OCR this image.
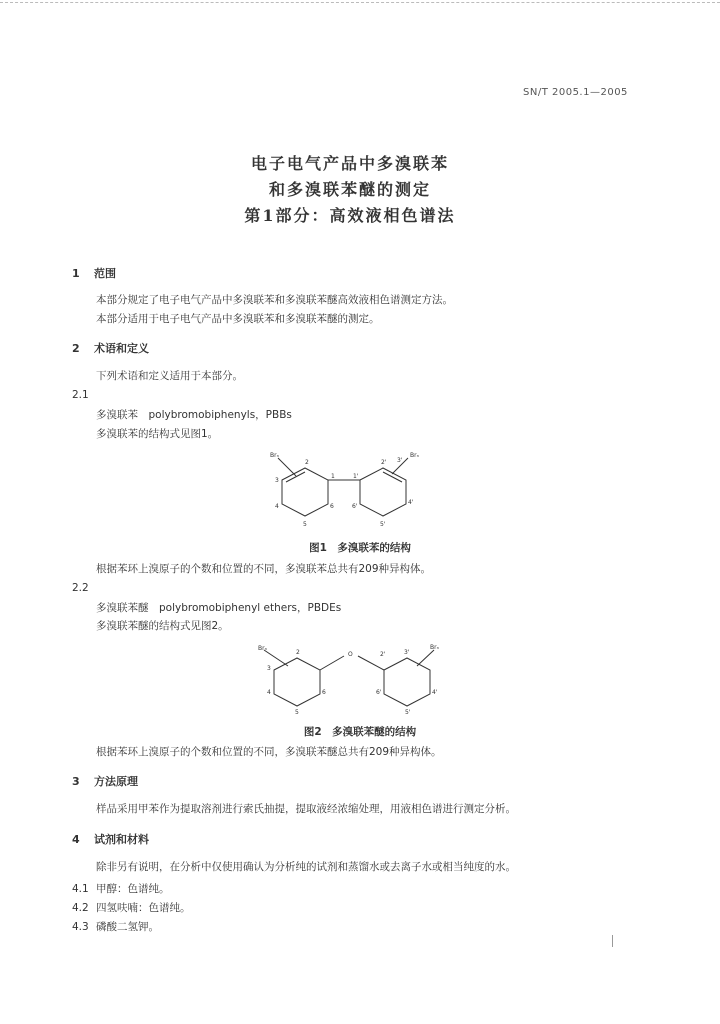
SN/T 2005.1—2005
电子电气产品中多溴联苯
和多溴联苯醚的测定
第1部分：高效液相色谱法
1 范围
本部分规定了电子电气产品中多溴联苯和多溴联苯醚高效液相色谱测定方法。
本部分适用于电子电气产品中多溴联苯和多溴联苯醚的测定。
2 术语和定义
下列术语和定义适用于本部分。
2.1
多溴联苯　polybromobiphenyls，PBBs
多溴联苯的结构式见图1。
Brₙ
3
2
1	1'
2' 3'
Brₙ
4
5
6	6'
5'
4'
图1　多溴联苯的结构
根据苯环上溴原子的个数和位置的不同，多溴联苯总共有209种异构体。
2.2
多溴联苯醚　polybromobiphenyl ethers，PBDEs
多溴联苯醚的结构式见图2。
Brₙ
3
2	O	2'	3'
Brₙ
4
5
6	6'
5'
4'
图2　多溴联苯醚的结构
根据苯环上溴原子的个数和位置的不同，多溴联苯醚总共有209种异构体。
3 方法原理
样品采用甲苯作为提取溶剂进行索氏抽提，提取液经浓缩处理，用液相色谱进行测定分析。
4 试剂和材料
除非另有说明，在分析中仅使用确认为分析纯的试剂和蒸馏水或去离子水或相当纯度的水。
4.1 甲醇：色谱纯。
4.2 四氢呋喃：色谱纯。
4.3 磷酸二氢钾。
